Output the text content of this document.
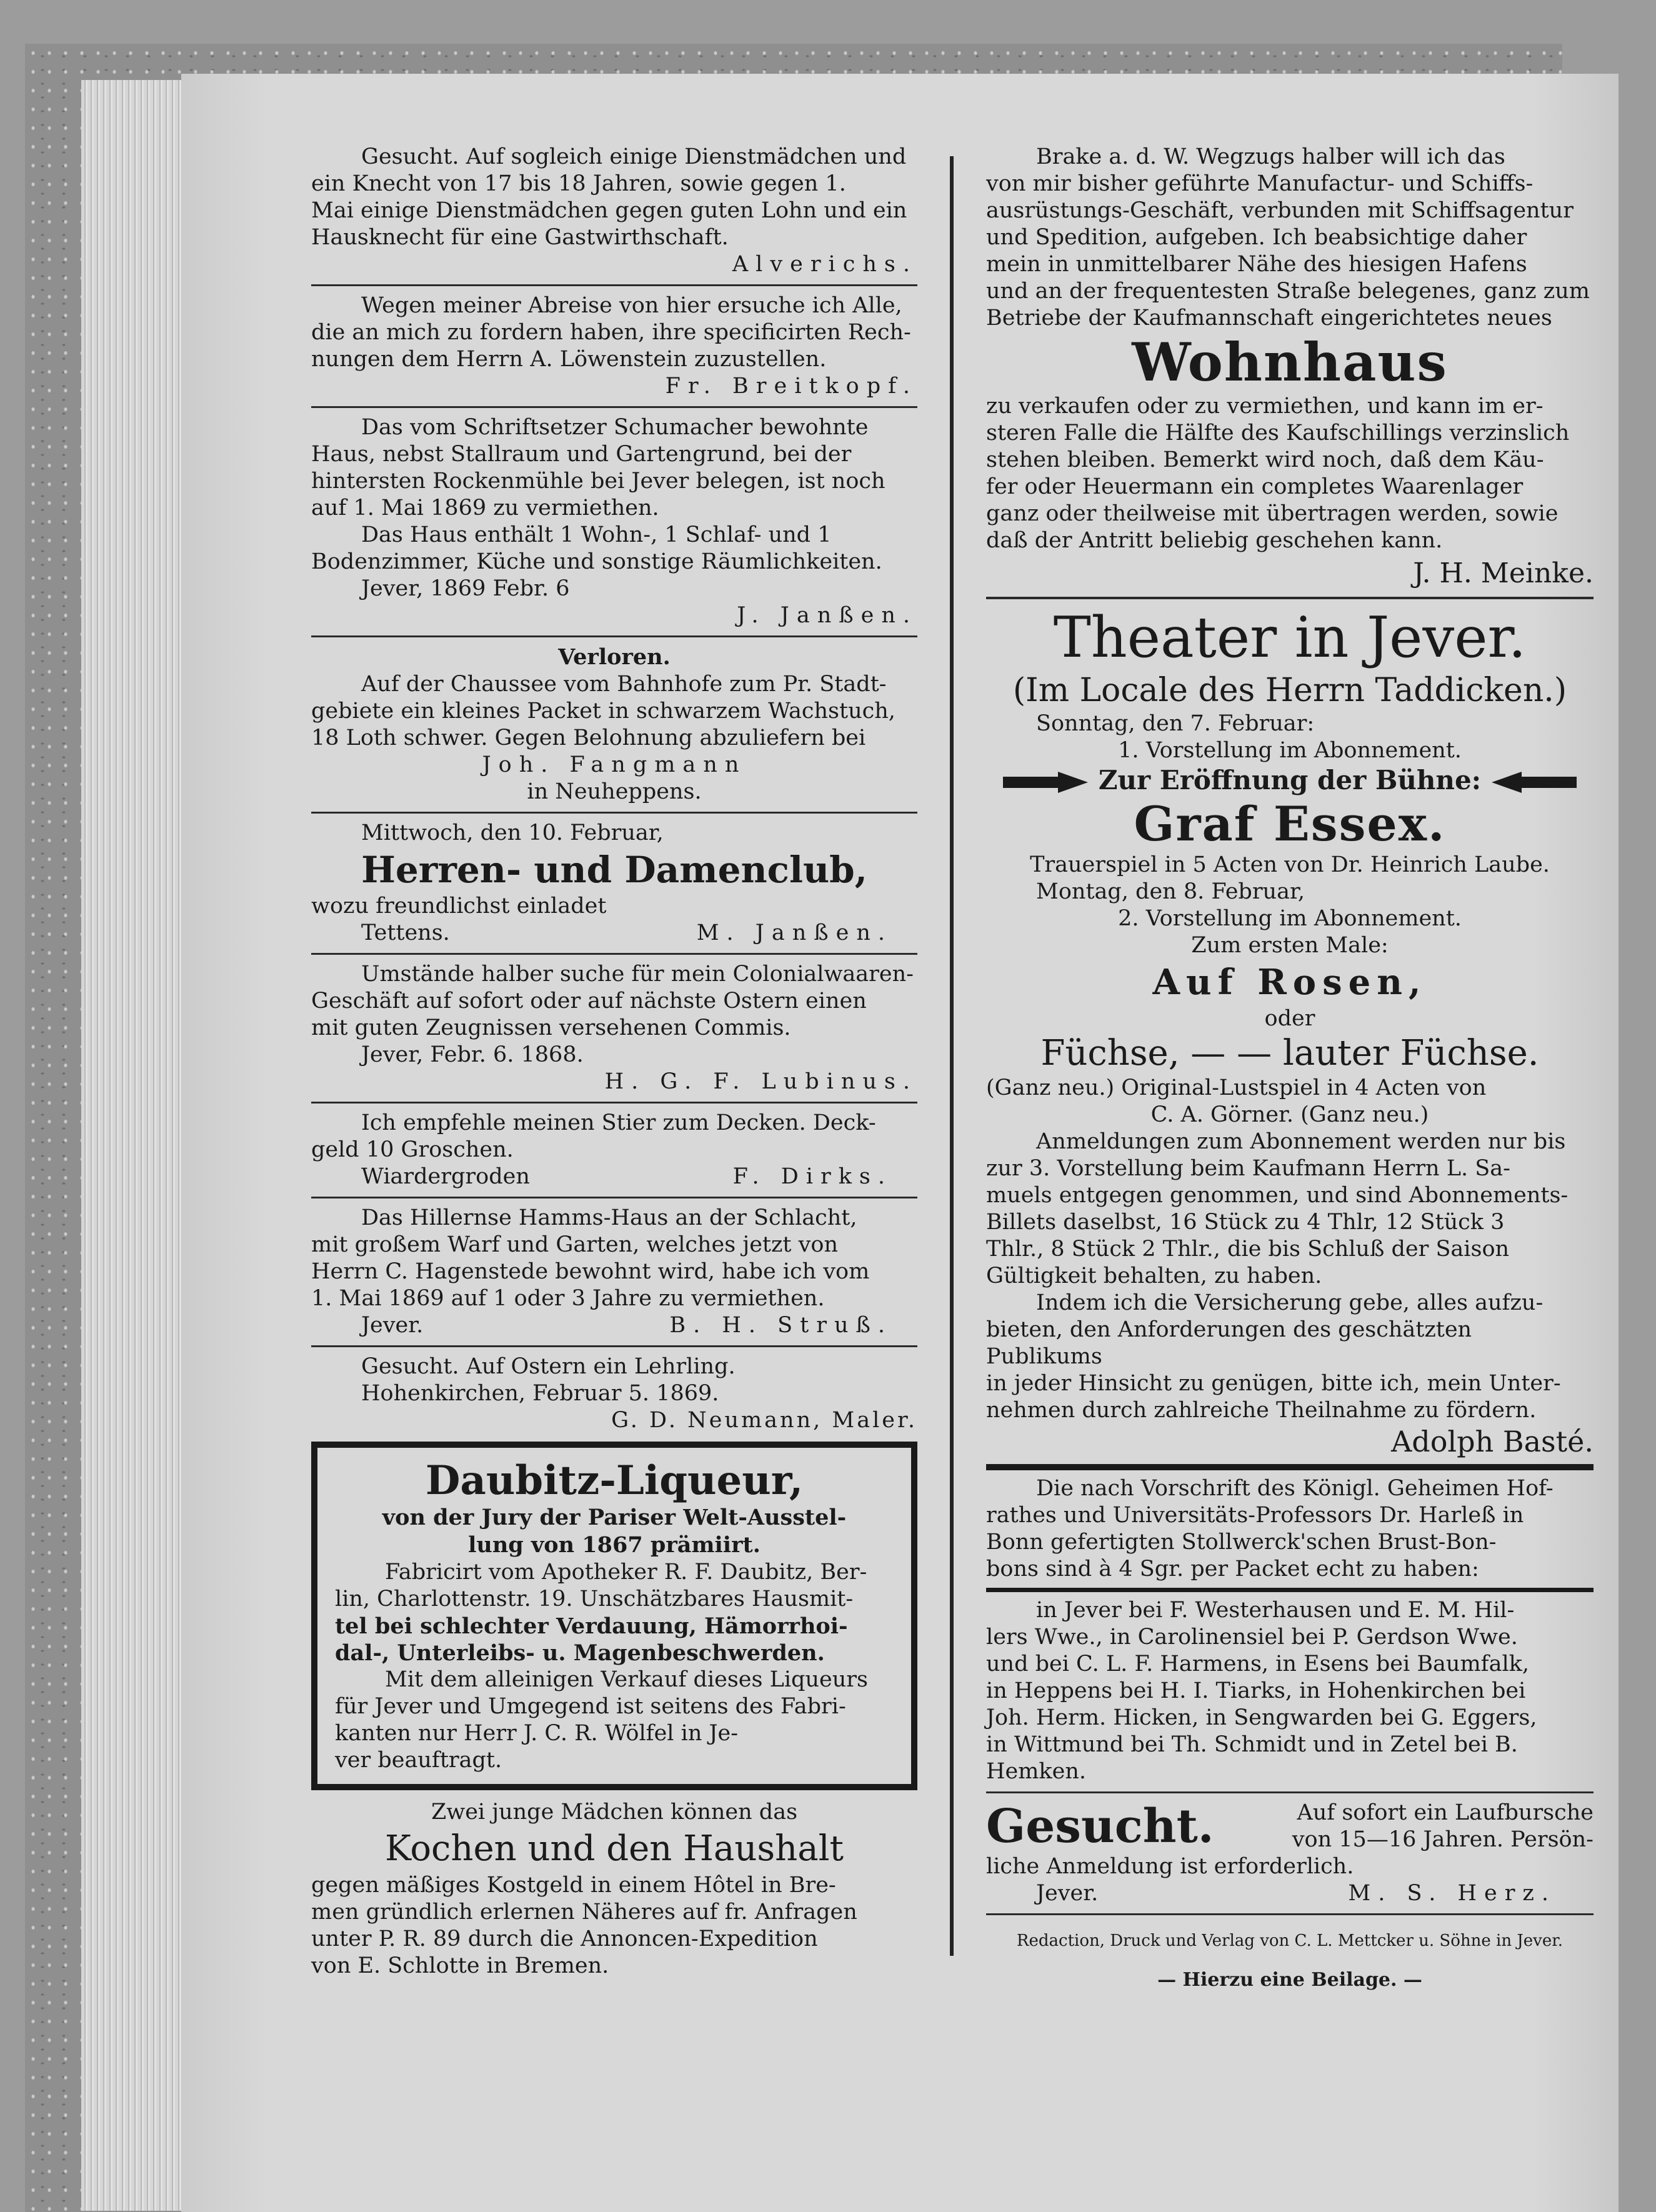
Gesucht. Auf sogleich einige Dienstmädchen und

ein Knecht von 17 bis 18 Jahren, sowie gegen 1.

Mai einige Dienstmädchen gegen guten Lohn und ein

Hausknecht für eine Gastwirthschaft.

Alverichs.

Wegen meiner Abreise von hier ersuche ich Alle,

die an mich zu fordern haben, ihre specificirten Rech-

nungen dem Herrn A. Löwenstein zuzustellen.

Fr. Breitkopf.

Das vom Schriftsetzer Schumacher bewohnte

Haus, nebst Stallraum und Gartengrund, bei der

hintersten Rockenmühle bei Jever belegen, ist noch

auf 1. Mai 1869 zu vermiethen.

Das Haus enthält 1 Wohn-, 1 Schlaf- und 1

Bodenzimmer, Küche und sonstige Räumlichkeiten.

Jever, 1869 Febr. 6

J. Janßen.

Verloren.

Auf der Chaussee vom Bahnhofe zum Pr. Stadt-

gebiete ein kleines Packet in schwarzem Wachstuch,

18 Loth schwer. Gegen Belohnung abzuliefern bei

Joh. Fangmann

in Neuheppens.

Mittwoch, den 10. Februar,

Herren- und Damenclub,

wozu freundlichst einladet

Tettens.	M. Janßen.

Umstände halber suche für mein Colonialwaaren-

Geschäft auf sofort oder auf nächste Ostern einen

mit guten Zeugnissen versehenen Commis.

Jever, Febr. 6. 1868.

H. G. F. Lubinus.

Ich empfehle meinen Stier zum Decken. Deck-

geld 10 Groschen.

Wiardergroden	F. Dirks.

Das Hillernse Hamms-Haus an der Schlacht,

mit großem Warf und Garten, welches jetzt von

Herrn C. Hagenstede bewohnt wird, habe ich vom

1. Mai 1869 auf 1 oder 3 Jahre zu vermiethen.

Jever.	B. H. Struß.

Gesucht. Auf Ostern ein Lehrling.

Hohenkirchen, Februar 5. 1869.

G. D. Neumann, Maler.

Daubitz-Liqueur,

von der Jury der Pariser Welt-Ausstel-

lung von 1867 prämiirt.

Fabricirt vom Apotheker R. F. Daubitz, Ber-

lin, Charlottenstr. 19. Unschätzbares Hausmit-

tel bei schlechter Verdauung, Hämorrhoi-

dal-, Unterleibs- u. Magenbeschwerden.

Mit dem alleinigen Verkauf dieses Liqueurs

für Jever und Umgegend ist seitens des Fabri-

kanten nur Herr J. C. R. Wölfel in Je-

ver beauftragt.

Zwei junge Mädchen können das

Kochen und den Haushalt

gegen mäßiges Kostgeld in einem Hôtel in Bre-

men gründlich erlernen Näheres auf fr. Anfragen

unter P. R. 89 durch die Annoncen-Expedition

von E. Schlotte in Bremen.

Brake a. d. W. Wegzugs halber will ich das

von mir bisher geführte Manufactur- und Schiffs-

ausrüstungs-Geschäft, verbunden mit Schiffsagentur

und Spedition, aufgeben. Ich beabsichtige daher

mein in unmittelbarer Nähe des hiesigen Hafens

und an der frequentesten Straße belegenes, ganz zum

Betriebe der Kaufmannschaft eingerichtetes neues

Wohnhaus

zu verkaufen oder zu vermiethen, und kann im er-

steren Falle die Hälfte des Kaufschillings verzinslich

stehen bleiben. Bemerkt wird noch, daß dem Käu-

fer oder Heuermann ein completes Waarenlager

ganz oder theilweise mit übertragen werden, sowie

daß der Antritt beliebig geschehen kann.

J. H. Meinke.

Theater in Jever.

(Im Locale des Herrn Taddicken.)

Sonntag, den 7. Februar:

1. Vorstellung im Abonnement.

Zur Eröffnung der Bühne:

Graf Essex.

Trauerspiel in 5 Acten von Dr. Heinrich Laube.

Montag, den 8. Februar,

2. Vorstellung im Abonnement.

Zum ersten Male:

Auf Rosen,

oder

Füchse, — — lauter Füchse.

(Ganz neu.) Original-Lustspiel in 4 Acten von

C. A. Görner. (Ganz neu.)

Anmeldungen zum Abonnement werden nur bis

zur 3. Vorstellung beim Kaufmann Herrn L. Sa-

muels entgegen genommen, und sind Abonnements-

Billets daselbst, 16 Stück zu 4 Thlr, 12 Stück 3

Thlr., 8 Stück 2 Thlr., die bis Schluß der Saison

Gültigkeit behalten, zu haben.

Indem ich die Versicherung gebe, alles aufzu-

bieten, den Anforderungen des geschätzten Publikums

in jeder Hinsicht zu genügen, bitte ich, mein Unter-

nehmen durch zahlreiche Theilnahme zu fördern.

Adolph Basté.

Die nach Vorschrift des Königl. Geheimen Hof-

rathes und Universitäts-Professors Dr. Harleß in

Bonn gefertigten Stollwerck'schen Brust-Bon-

bons sind à 4 Sgr. per Packet echt zu haben:

in Jever bei F. Westerhausen und E. M. Hil-

lers Wwe., in Carolinensiel bei P. Gerdson Wwe.

und bei C. L. F. Harmens, in Esens bei Baumfalk,

in Heppens bei H. I. Tiarks, in Hohenkirchen bei

Joh. Herm. Hicken, in Sengwarden bei G. Eggers,

in Wittmund bei Th. Schmidt und in Zetel bei B.

Hemken.

Gesucht.	Auf sofort ein Laufbursche
von 15—16 Jahren. Persön-

liche Anmeldung ist erforderlich.

Jever.	M. S. Herz.

Redaction, Druck und Verlag von C. L. Mettcker u. Söhne in Jever.

— Hierzu eine Beilage. —
